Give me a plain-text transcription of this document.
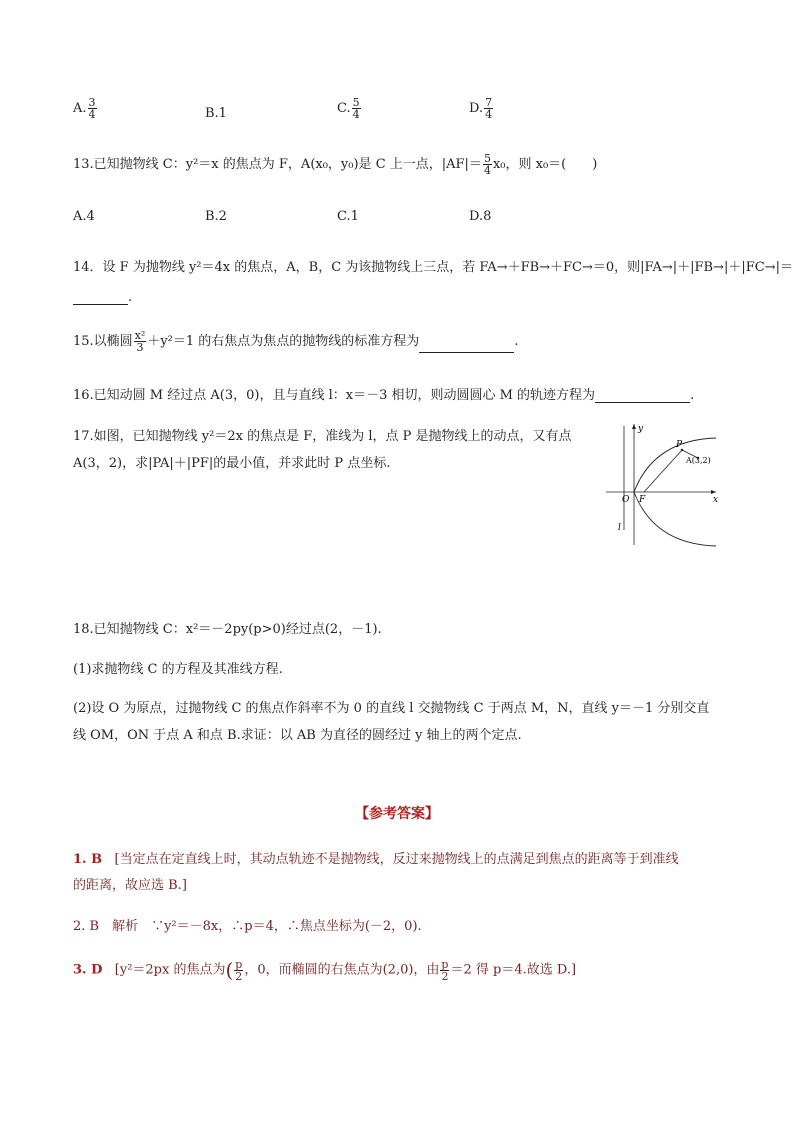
A. $\frac{3}{4}$	B.1	C. $\frac{5}{4}$	D. $\frac{7}{4}$
13.已知抛物线 C：y²＝x 的焦点为 F，A(x₀，y₀)是 C 上一点，$|AF|= \frac{5}{4} x_0$，则 x₀＝(　　)
A.4	B.2	C.1	D.8
14．设 F 为抛物线 y²＝4x 的焦点，A，B，C 为该抛物线上三点，若 FA→＋FB→＋FC→＝0，则|FA→|＋|FB→|＋|FC→|＝
.
15.以椭圆 $\frac{\text{x²}}{3} +y^2=1$ 的右焦点为焦点的抛物线的标准方程为	.
16.已知动圆 M 经过点 A(3，0)，且与直线 l：x＝－3 相切，则动圆圆心 M 的轨迹方程为	.
17.如图，已知抛物线 y²＝2x 的焦点是 F，准线为 l，点 P 是抛物线上的动点，又有点
A(3，2)，求|PA|＋|PF|的最小值，并求此时 P 点坐标.
y
x
O F
l
P
A(3,2)
18.已知抛物线 C：x²＝－2py(p>0)经过点(2，－1).
(1)求抛物线 C 的方程及其准线方程.
(2)设 O 为原点，过抛物线 C 的焦点作斜率不为 0 的直线 l 交抛物线 C 于两点 M，N，直线 y＝－1 分别交直
线 OM，ON 于点 A 和点 B.求证：以 AB 为直径的圆经过 y 轴上的两个定点.
【参考答案】
1. B [当定点在定直线上时，其动点轨迹不是抛物线，反过来抛物线上的点满足到焦点的距离等于到准线
的距离，故应选 B.]
2. B　解析　∵y²＝－8x，∴p＝4，∴焦点坐标为(－2，0).
3. D [y²＝2px 的焦点为( $\frac{p}{2}$ ，0，而椭圆的右焦点为(2,0)，由 $\frac{p}{2} =2$ 得 p＝4.故选 D.]
